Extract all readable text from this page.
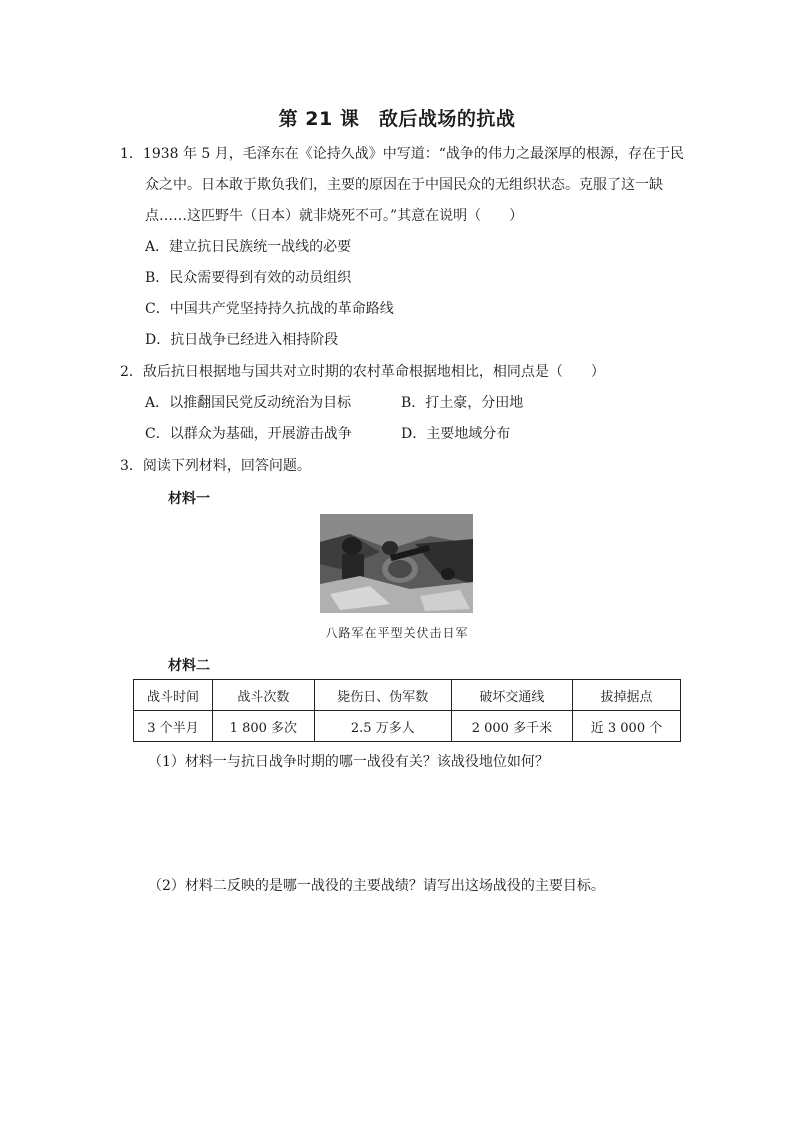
第 21 课　敌后战场的抗战
1．1938 年 5 月，毛泽东在《论持久战》中写道：“战争的伟力之最深厚的根源，存在于民
众之中。日本敢于欺负我们，主要的原因在于中国民众的无组织状态。克服了这一缺
点……这匹野牛（日本）就非烧死不可。”其意在说明（　　）
A．建立抗日民族统一战线的必要
B．民众需要得到有效的动员组织
C．中国共产党坚持持久抗战的革命路线
D．抗日战争已经进入相持阶段
2．敌后抗日根据地与国共对立时期的农村革命根据地相比，相同点是（　　）
A．以推翻国民党反动统治为目标	B．打土豪，分田地
C．以群众为基础，开展游击战争	D．主要地域分布
3．阅读下列材料，回答问题。
材料一
八路军在平型关伏击日军
材料二
战斗时间	战斗次数	毙伤日、伪军数	破坏交通线	拔掉据点
3 个半月	1 800 多次	2.5 万多人	2 000 多千米	近 3 000 个
（1）材料一与抗日战争时期的哪一战役有关？该战役地位如何？
（2）材料二反映的是哪一战役的主要战绩？请写出这场战役的主要目标。
